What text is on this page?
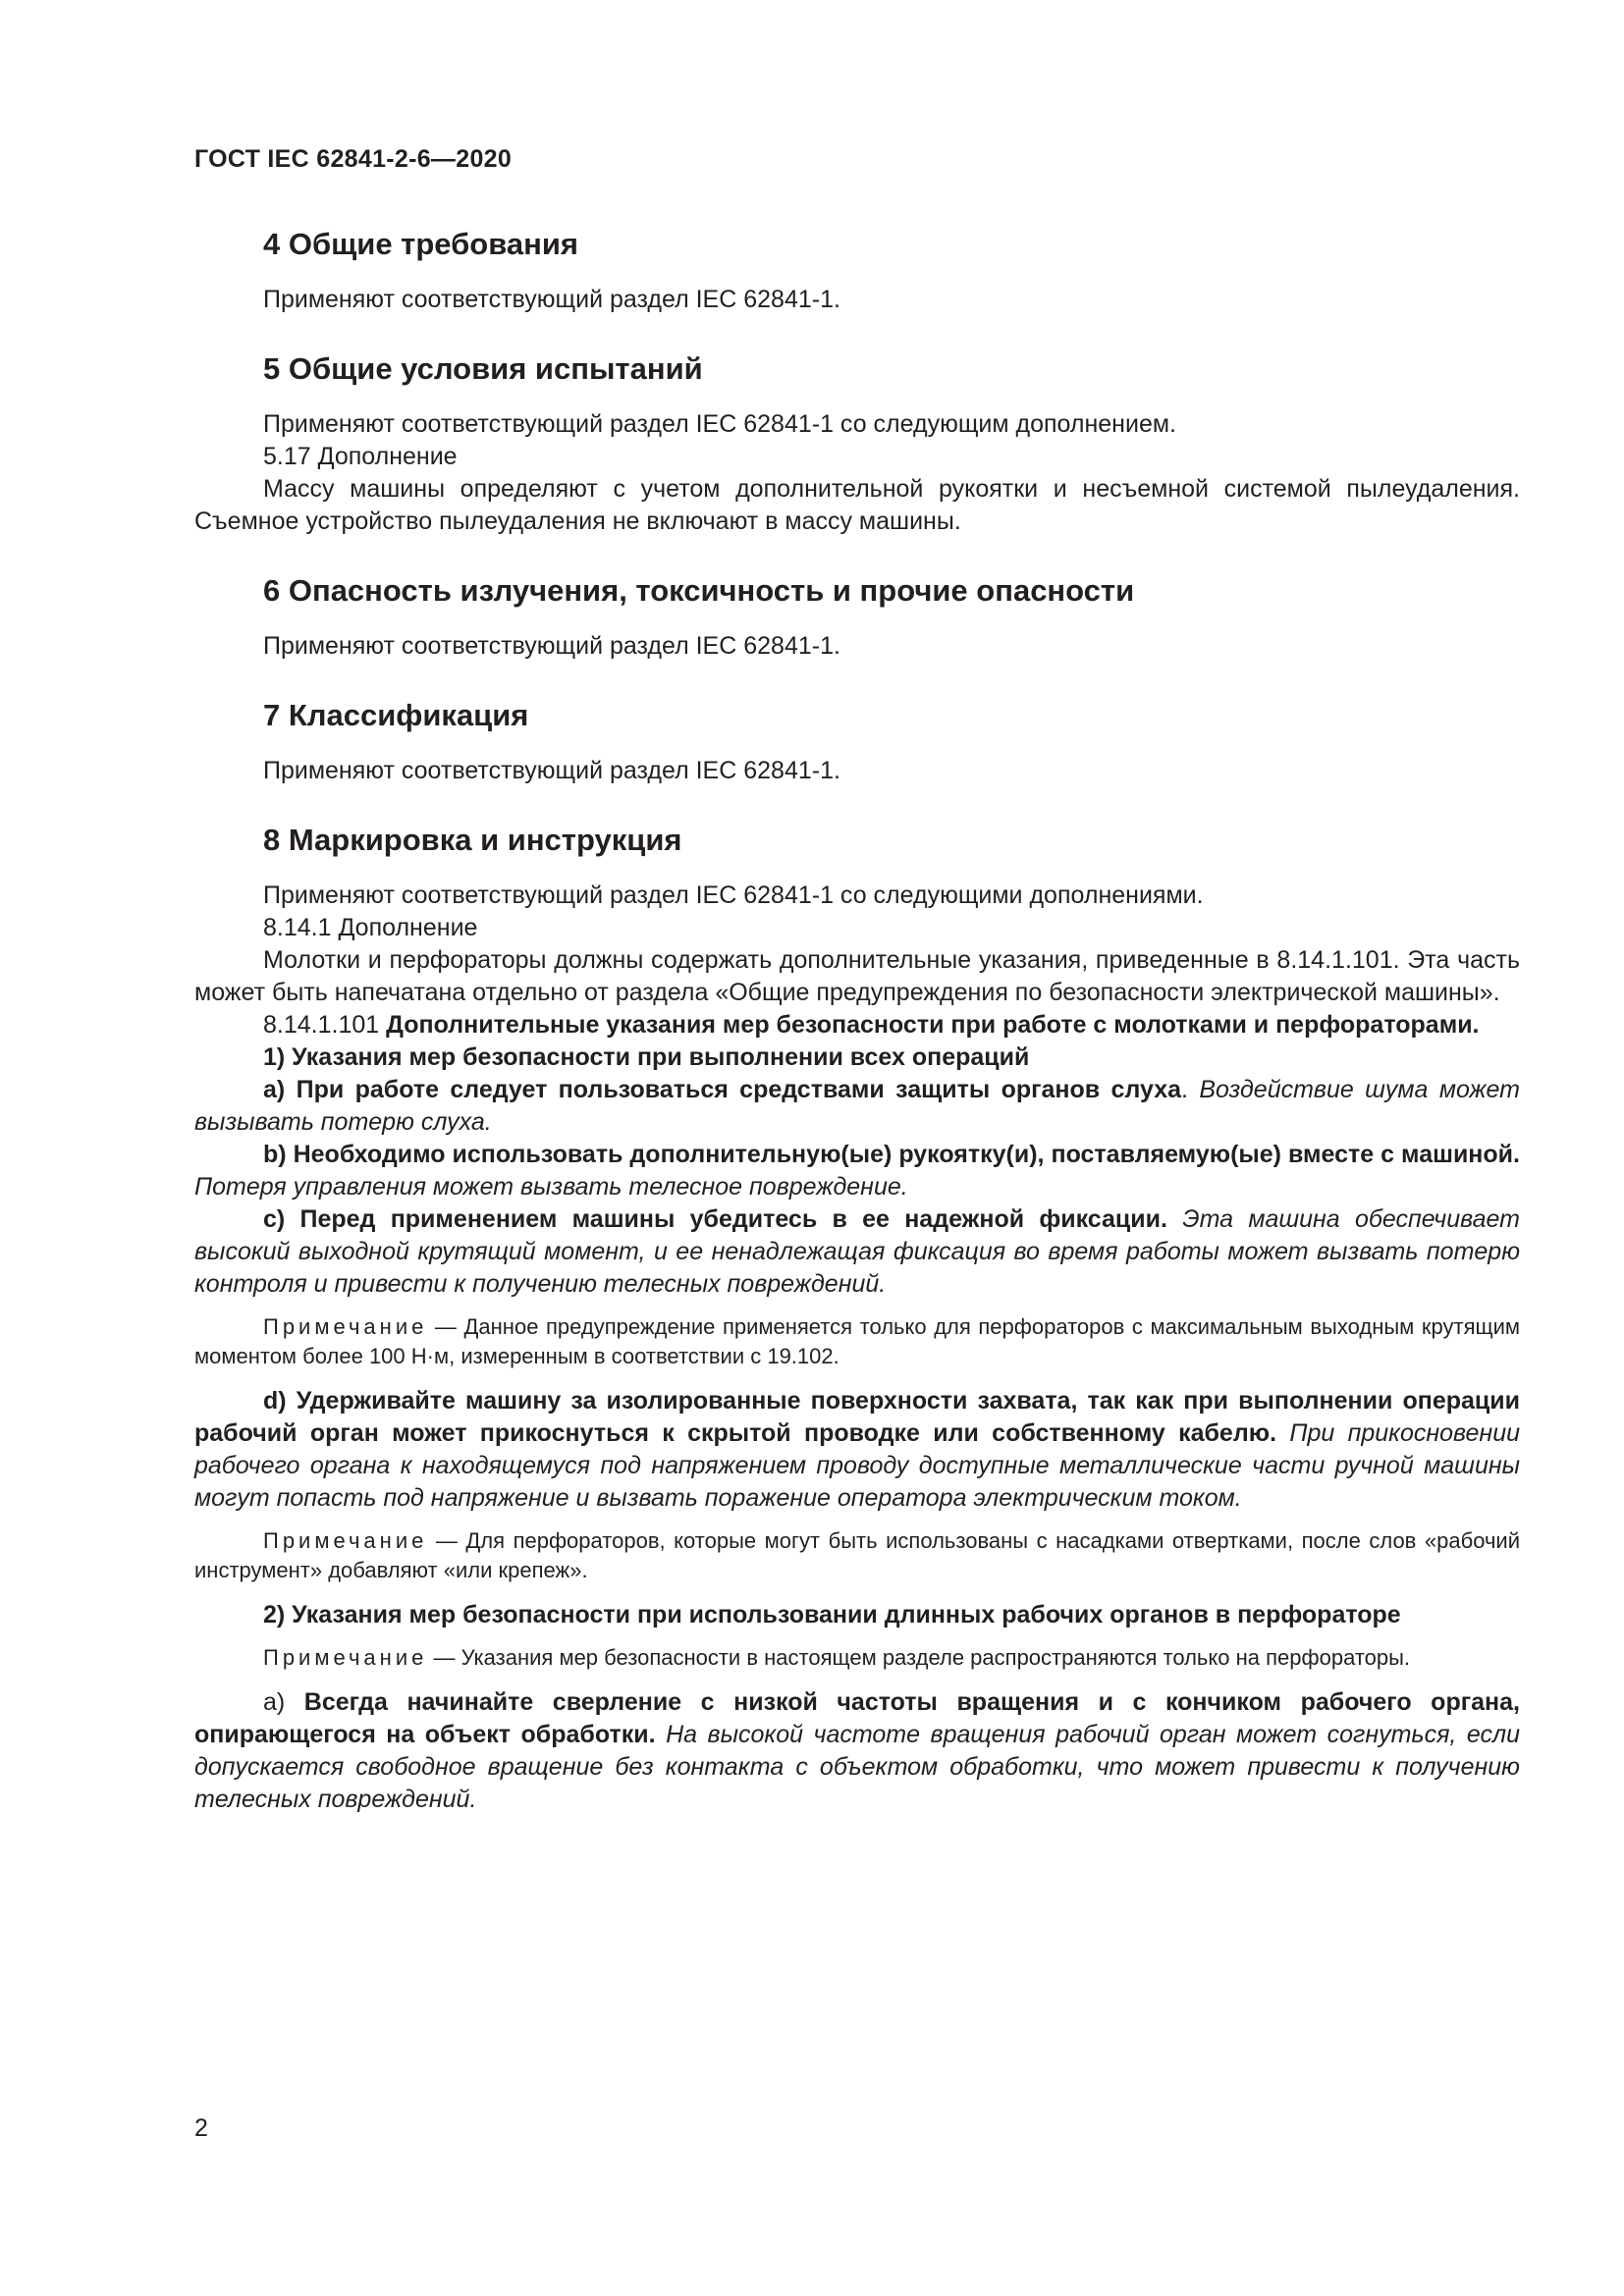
ГОСТ IEC 62841-2-6—2020
4 Общие требования

Применяют соответствующий раздел IEC 62841-1.

5 Общие условия испытаний

Применяют соответствующий раздел IEC 62841-1 со следующим дополнением.

5.17 Дополнение

Массу машины определяют с учетом дополнительной рукоятки и несъемной системой пылеудаления. Съемное устройство пылеудаления не включают в массу машины.

6 Опасность излучения, токсичность и прочие опасности

Применяют соответствующий раздел IEC 62841-1.

7 Классификация

Применяют соответствующий раздел IEC 62841-1.

8 Маркировка и инструкция

Применяют соответствующий раздел IEC 62841-1 со следующими дополнениями.

8.14.1 Дополнение

Молотки и перфораторы должны содержать дополнительные указания, приведенные в 8.14.1.101. Эта часть может быть напечатана отдельно от раздела «Общие предупреждения по безопасности электрической машины».

8.14.1.101 Дополнительные указания мер безопасности при работе с молотками и перфораторами.

1) Указания мер безопасности при выполнении всех операций

а) При работе следует пользоваться средствами защиты органов слуха. Воздействие шума может вызывать потерю слуха.

b) Необходимо использовать дополнительную(ые) рукоятку(и), поставляемую(ые) вместе с машиной. Потеря управления может вызвать телесное повреждение.

с) Перед применением машины убедитесь в ее надежной фиксации. Эта машина обеспечивает высокий выходной крутящий момент, и ее ненадлежащая фиксация во время работы может вызвать потерю контроля и привести к получению телесных повреждений.

Примечание — Данное предупреждение применяется только для перфораторов с максимальным выходным крутящим моментом более 100 Н·м, измеренным в соответствии с 19.102.

d) Удерживайте машину за изолированные поверхности захвата, так как при выполнении операции рабочий орган может прикоснуться к скрытой проводке или собственному кабелю. При прикосновении рабочего органа к находящемуся под напряжением проводу доступные металлические части ручной машины могут попасть под напряжение и вызвать поражение оператора электрическим током.

Примечание — Для перфораторов, которые могут быть использованы с насадками отвертками, после слов «рабочий инструмент» добавляют «или крепеж».

2) Указания мер безопасности при использовании длинных рабочих органов в перфораторе

Примечание — Указания мер безопасности в настоящем разделе распространяются только на перфораторы.

а) Всегда начинайте сверление с низкой частоты вращения и с кончиком рабочего органа, опирающегося на объект обработки. На высокой частоте вращения рабочий орган может согнуться, если допускается свободное вращение без контакта с объектом обработки, что может привести к получению телесных повреждений.

2
